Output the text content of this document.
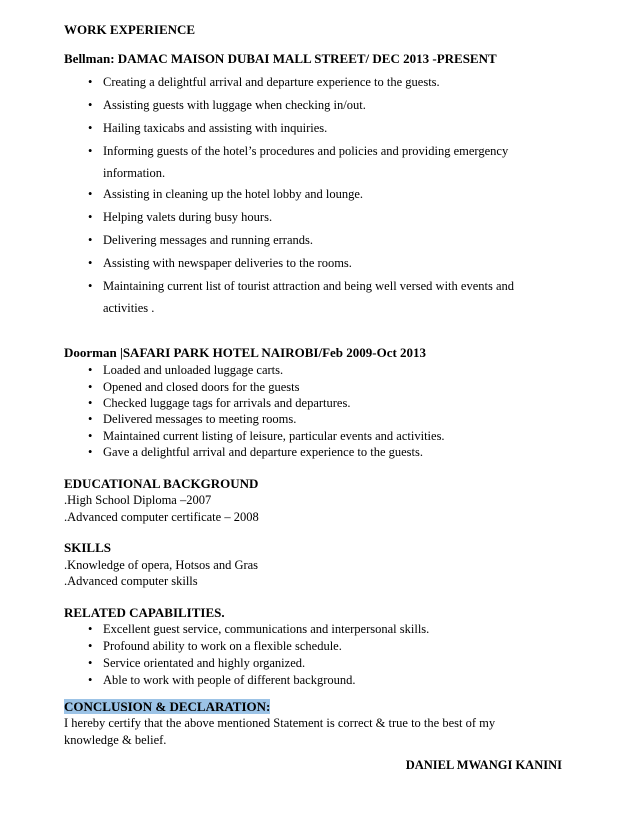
WORK EXPERIENCE
Bellman: DAMAC MAISON DUBAI MALL STREET/ DEC 2013 -PRESENT
• Creating a delightful arrival and departure experience to the guests.
• Assisting guests with luggage when checking in/out.
• Hailing taxicabs and assisting with inquiries.
• Informing guests of the hotel’s procedures and policies and providing emergency
• Assisting in cleaning up the hotel lobby and lounge.
• Helping valets during busy hours.
• Delivering messages and running errands.
• Assisting with newspaper deliveries to the rooms.
• Maintaining current list of tourist attraction and being well versed with events and
information.
activities .
Doorman |SAFARI PARK HOTEL NAIROBI/Feb 2009-Oct 2013
• Loaded and unloaded luggage carts.
• Opened and closed doors for the guests
• Checked luggage tags for arrivals and departures.
• Delivered messages to meeting rooms.
• Maintained current listing of leisure, particular events and activities.
• Gave a delightful arrival and departure experience to the guests.
EDUCATIONAL BACKGROUND
.High School Diploma –2007
.Advanced computer certificate – 2008
SKILLS
.Knowledge of opera, Hotsos and Gras
.Advanced computer skills
RELATED CAPABILITIES.
• Excellent guest service, communications and interpersonal skills.
• Profound ability to work on a flexible schedule.
• Service orientated and highly organized.
• Able to work with people of different background.
CONCLUSION & DECLARATION:
I hereby certify that the above mentioned Statement is correct & true to the best of my
knowledge & belief.
DANIEL MWANGI KANINI
